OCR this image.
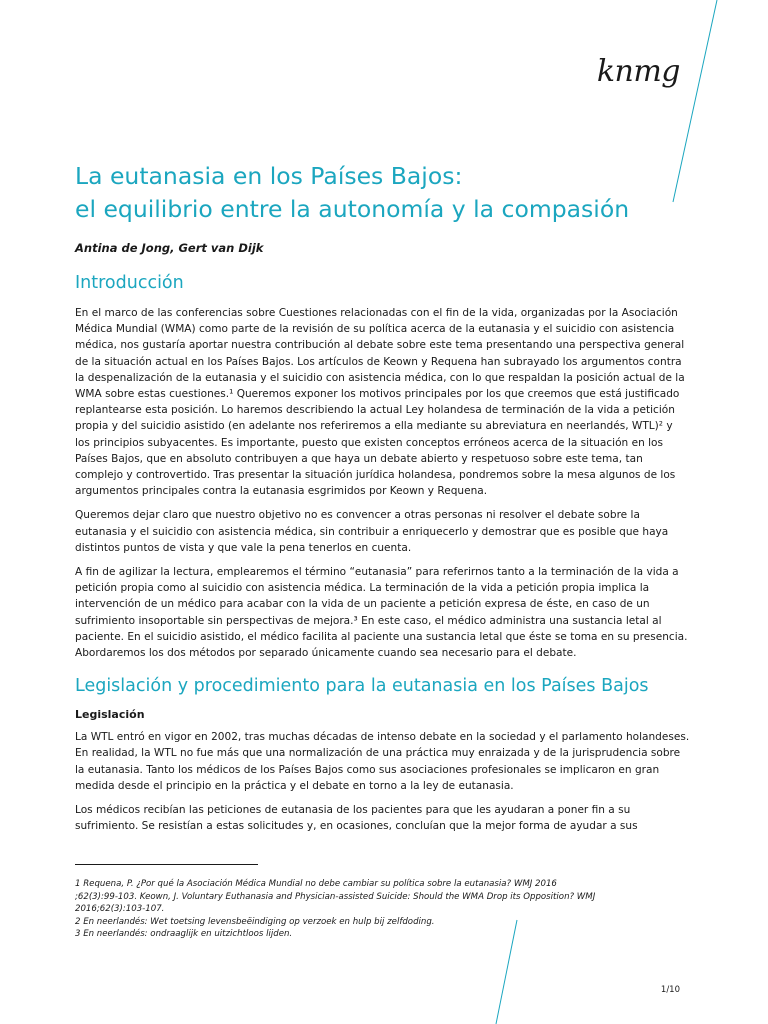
knmg
La eutanasia en los Países Bajos:
el equilibrio entre la autonomía y la compasión
Antina de Jong, Gert van Dijk
Introducción

En el marco de las conferencias sobre Cuestiones relacionadas con el fin de la vida, organizadas por la Asociación Médica Mundial (WMA) como parte de la revisión de su política acerca de la eutanasia y el suicidio con asistencia médica, nos gustaría aportar nuestra contribución al debate sobre este tema presentando una perspectiva general de la situación actual en los Países Bajos. Los artículos de Keown y Requena han subrayado los argumentos contra la despenalización de la eutanasia y el suicidio con asistencia médica, con lo que respaldan la posición actual de la WMA sobre estas cuestiones.¹ Queremos exponer los motivos principales por los que creemos que está justificado replantearse esta posición. Lo haremos describiendo la actual Ley holandesa de terminación de la vida a petición propia y del suicidio asistido (en adelante nos referiremos a ella mediante su abreviatura en neerlandés, WTL)² y los principios subyacentes. Es importante, puesto que existen conceptos erróneos acerca de la situación en los Países Bajos, que en absoluto contribuyen a que haya un debate abierto y respetuoso sobre este tema, tan complejo y controvertido. Tras presentar la situación jurídica holandesa, pondremos sobre la mesa algunos de los argumentos principales contra la eutanasia esgrimidos por Keown y Requena.

Queremos dejar claro que nuestro objetivo no es convencer a otras personas ni resolver el debate sobre la eutanasia y el suicidio con asistencia médica, sin contribuir a enriquecerlo y demostrar que es posible que haya distintos puntos de vista y que vale la pena tenerlos en cuenta.

A fin de agilizar la lectura, emplearemos el término “eutanasia” para referirnos tanto a la terminación de la vida a petición propia como al suicidio con asistencia médica. La terminación de la vida a petición propia implica la intervención de un médico para acabar con la vida de un paciente a petición expresa de éste, en caso de un sufrimiento insoportable sin perspectivas de mejora.³ En este caso, el médico administra una sustancia letal al paciente. En el suicidio asistido, el médico facilita al paciente una sustancia letal que éste se toma en su presencia. Abordaremos los dos métodos por separado únicamente cuando sea necesario para el debate.

Legislación y procedimiento para la eutanasia en los Países Bajos
Legislación

La WTL entró en vigor en 2002, tras muchas décadas de intenso debate en la sociedad y el parlamento holandeses. En realidad, la WTL no fue más que una normalización de una práctica muy enraizada y de la jurisprudencia sobre la eutanasia. Tanto los médicos de los Países Bajos como sus asociaciones profesionales se implicaron en gran medida desde el principio en la práctica y el debate en torno a la ley de eutanasia.

Los médicos recibían las peticiones de eutanasia de los pacientes para que les ayudaran a poner fin a su sufrimiento. Se resistían a estas solicitudes y, en ocasiones, concluían que la mejor forma de ayudar a sus

1 Requena, P. ¿Por qué la Asociación Médica Mundial no debe cambiar su política sobre la eutanasia? WMJ 2016
;62(3):99-103. Keown, J. Voluntary Euthanasia and Physician-assisted Suicide: Should the WMA Drop its Opposition? WMJ
2016;62(3):103-107.
2 En neerlandés: Wet toetsing levensbeëindiging op verzoek en hulp bij zelfdoding.
3 En neerlandés: ondraaglijk en uitzichtloos lijden.
1/10
